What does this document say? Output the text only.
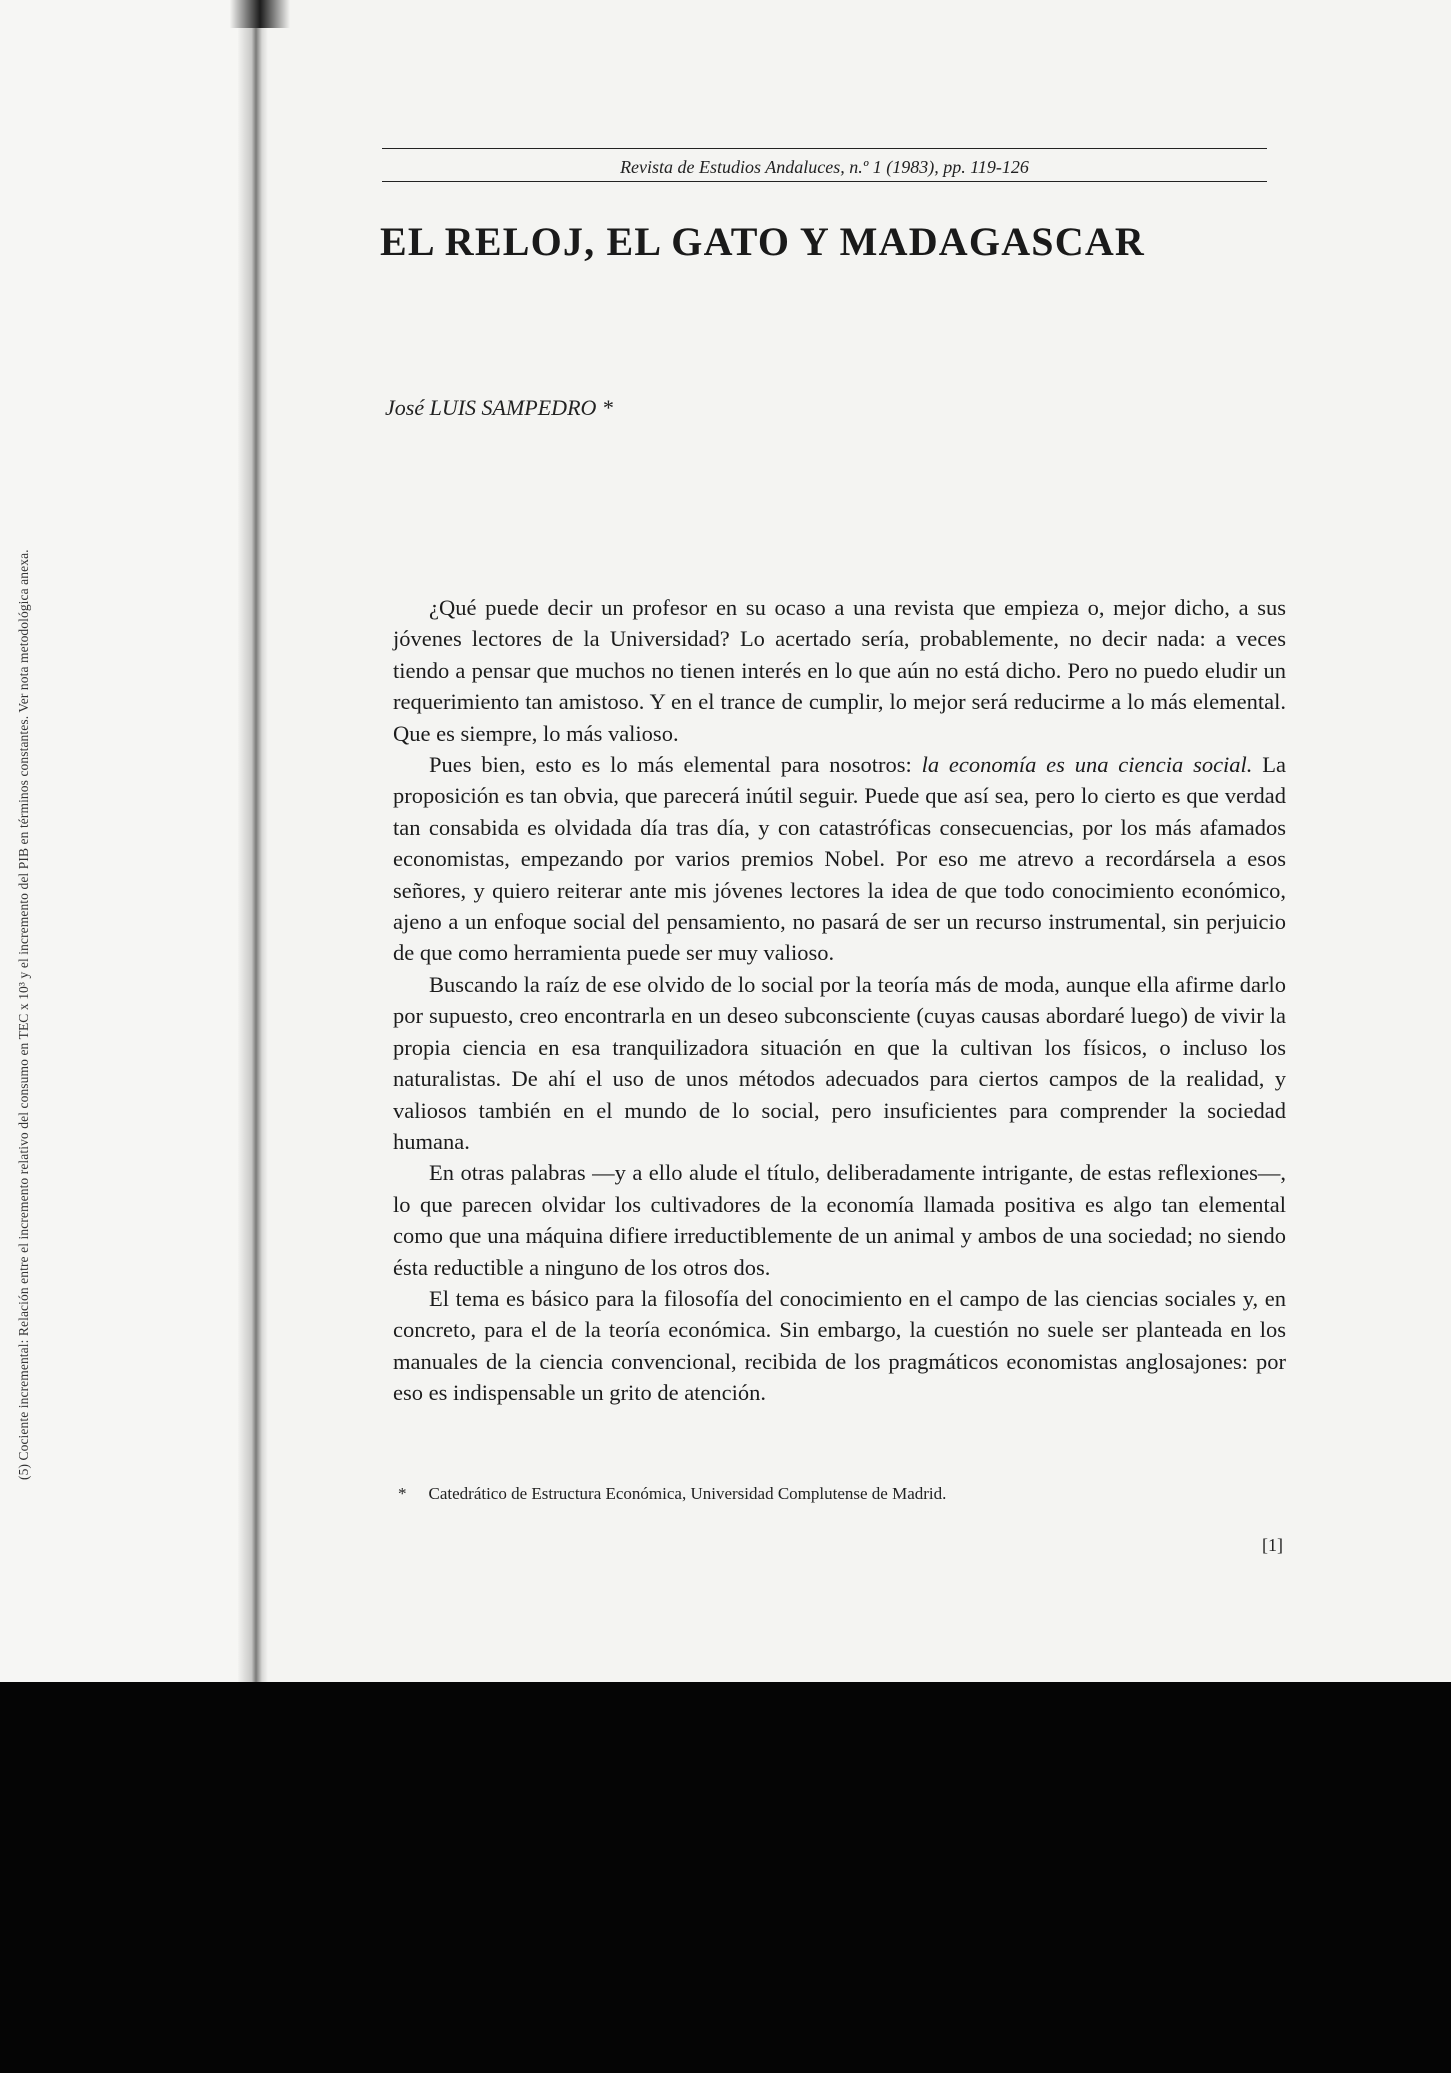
(5) Cociente incremental: Relación entre el incremento relativo del consumo en TEC x 10³ y el incremento del PIB en términos constantes. Ver nota metodológica anexa.
Revista de Estudios Andaluces, n.º 1 (1983), pp. 119-126
EL RELOJ, EL GATO Y MADAGASCAR
José LUIS SAMPEDRO *

¿Qué puede decir un profesor en su ocaso a una revista que empieza o, mejor dicho, a sus jóvenes lectores de la Universidad? Lo acertado sería, probablemente, no decir nada: a veces tiendo a pensar que muchos no tienen interés en lo que aún no está dicho. Pero no puedo eludir un requerimiento tan amistoso. Y en el trance de cumplir, lo mejor será reducirme a lo más elemental. Que es siempre, lo más valioso.

Pues bien, esto es lo más elemental para nosotros: la economía es una ciencia social. La proposición es tan obvia, que parecerá inútil seguir. Puede que así sea, pero lo cierto es que verdad tan consabida es olvidada día tras día, y con catastróficas consecuencias, por los más afamados economistas, empezando por varios premios Nobel. Por eso me atrevo a recordársela a esos señores, y quiero reiterar ante mis jóvenes lectores la idea de que todo conocimiento económico, ajeno a un enfoque social del pensamiento, no pasará de ser un recurso instrumental, sin perjuicio de que como herramienta puede ser muy valioso.

Buscando la raíz de ese olvido de lo social por la teoría más de moda, aunque ella afirme darlo por supuesto, creo encontrarla en un deseo subconsciente (cuyas causas abordaré luego) de vivir la propia ciencia en esa tranquilizadora situación en que la cultivan los físicos, o incluso los naturalistas. De ahí el uso de unos métodos adecuados para ciertos campos de la realidad, y valiosos también en el mundo de lo social, pero insuficientes para comprender la sociedad humana.

En otras palabras —y a ello alude el título, deliberadamente intrigante, de estas reflexiones—, lo que parecen olvidar los cultivadores de la economía llamada positiva es algo tan elemental como que una máquina difiere irreductiblemente de un animal y ambos de una sociedad; no siendo ésta reductible a ninguno de los otros dos.

El tema es básico para la filosofía del conocimiento en el campo de las ciencias sociales y, en concreto, para el de la teoría económica. Sin embargo, la cuestión no suele ser planteada en los manuales de la ciencia convencional, recibida de los pragmáticos economistas anglosajones: por eso es indispensable un grito de atención.

* Catedrático de Estructura Económica, Universidad Complutense de Madrid.
[1]
